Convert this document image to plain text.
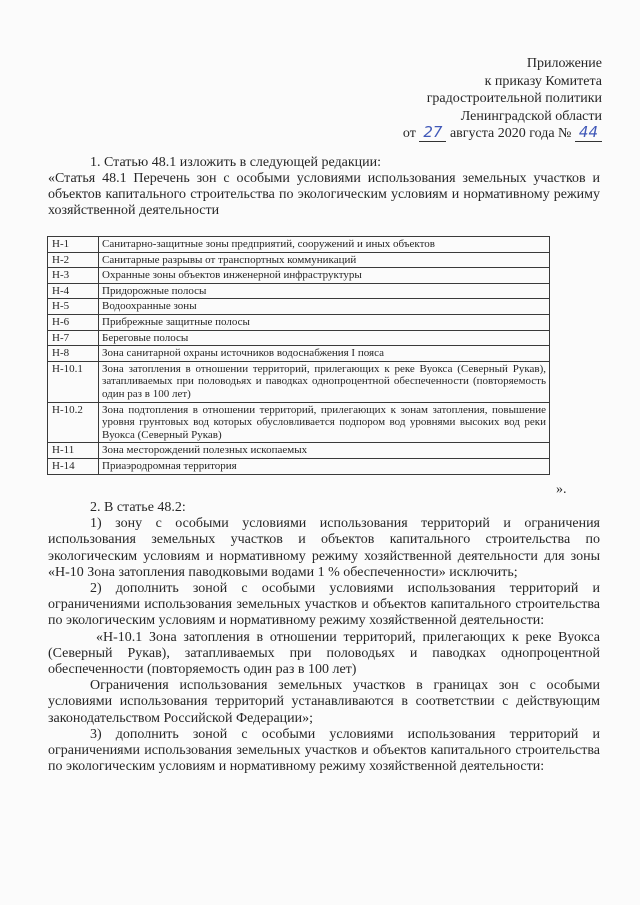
Приложение
к приказу Комитета
градостроительной политики
Ленинградской области
от 27 августа 2020 года № 44
1. Статью 48.1 изложить в следующей редакции:
«Статья 48.1 Перечень зон с особыми условиями использования земельных участков и объектов капитального строительства по экологическим условиям и нормативному режиму хозяйственной деятельности
Н-1	Санитарно-защитные зоны предприятий, сооружений и иных объектов
Н-2	Санитарные разрывы от транспортных коммуникаций
Н-3	Охранные зоны объектов инженерной инфраструктуры
Н-4	Придорожные полосы
Н-5	Водоохранные зоны
Н-6	Прибрежные защитные полосы
Н-7	Береговые полосы
Н-8	Зона санитарной охраны источников водоснабжения I пояса
Н-10.1	Зона затопления в отношении территорий, прилегающих к реке Вуокса (Северный Рукав), затапливаемых при половодьях и паводках однопроцентной обеспеченности (повторяемость один раз в 100 лет)
Н-10.2	Зона подтопления в отношении территорий, прилегающих к зонам затопления, повышение уровня грунтовых вод которых обусловливается подпором вод уровнями высоких вод реки Вуокса (Северный Рукав)
Н-11	Зона месторождений полезных ископаемых
Н-14	Приаэродромная территория
».
2. В статье 48.2:
1) зону с особыми условиями использования территорий и ограничения использования земельных участков и объектов капитального строительства по экологическим условиям и нормативному режиму хозяйственной деятельности для зоны «Н-10 Зона затопления паводковыми водами 1 % обеспеченности» исключить;
2) дополнить зоной с особыми условиями использования территорий и ограничениями использования земельных участков и объектов капитального строительства по экологическим условиям и нормативному режиму хозяйственной деятельности:
«Н-10.1 Зона затопления в отношении территорий, прилегающих к реке Вуокса (Северный Рукав), затапливаемых при половодьях и паводках однопроцентной обеспеченности (повторяемость один раз в 100 лет)
Ограничения использования земельных участков в границах зон с особыми условиями использования территорий устанавливаются в соответствии с действующим законодательством Российской Федерации»;
3) дополнить зоной с особыми условиями использования территорий и ограничениями использования земельных участков и объектов капитального строительства по экологическим условиям и нормативному режиму хозяйственной деятельности:
